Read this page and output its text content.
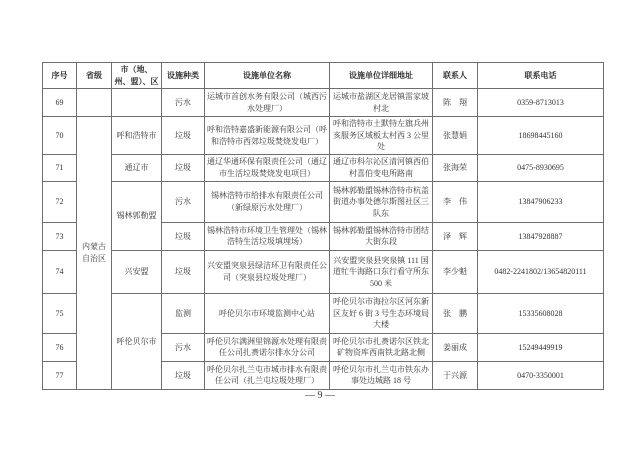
序号	省级	市（地、州、盟）、区	设施种类	设施单位名称	设施单位详细地址	联系人	联系电话
69			污水	运城市首创水务有限公司（城西污水处理厂）	运城市盐湖区龙居镇雷家坡村北	陈　翔	0359-8713013
70	内蒙古自治区	呼和浩特市	垃圾	呼和浩特嘉盛新能源有限公司（呼和浩特市西郊垃圾焚烧发电厂）	呼和浩特市土默特左旗兵州亥服务区域板太村西 3 公里处	张慧娟	18698445160
71		通辽市	垃圾	通辽华通环保有限责任公司（通辽市生活垃圾焚烧发电项目）	通辽市科尔沁区清河镇西伯村喜伯变电所路南	张海荣	0475-8930695
72		锡林郭勒盟	污水	锡林浩特市给排水有限责任公司（新绿原污水处理厂）	锡林郭勒盟锡林浩特市杭盖街道办事处德尔斯图社区三队东	李　伟	13847906233
73			垃圾	锡林浩特市环境卫生管理处（锡林浩特生活垃圾填埋场）	锡林郭勒盟锡林浩特市团结大街东段	泽　辉	13847928887
74		兴安盟	垃圾	兴安盟突泉县绿洁环卫有限责任公司（突泉县垃圾处理厂）	兴安盟突泉县突泉镇 111 国道牤牛海路口东行看守所东 500 米	李少魁	0482-2241802/13654820111
75		呼伦贝尔市	监测	呼伦贝尔市环境监测中心站	呼伦贝尔市海拉尔区河东新区友好 6 街 3 号生态环境局大楼	张　鹏	15335608028
76			污水	呼伦贝尔满洲里锦源水处理有限责任公司扎赉诺尔排水分公司	呼伦贝尔市扎赉诺尔区铁北矿物资库西南铁北路北侧	姜丽成	15249449919
77			垃圾	呼伦贝尔扎兰屯市城市排水有限责任公司（扎兰屯垃圾处理厂）	呼伦贝尔市扎兰屯市铁东办事处边城路 18 号	于兴源	0470-3350001
— 9 —
